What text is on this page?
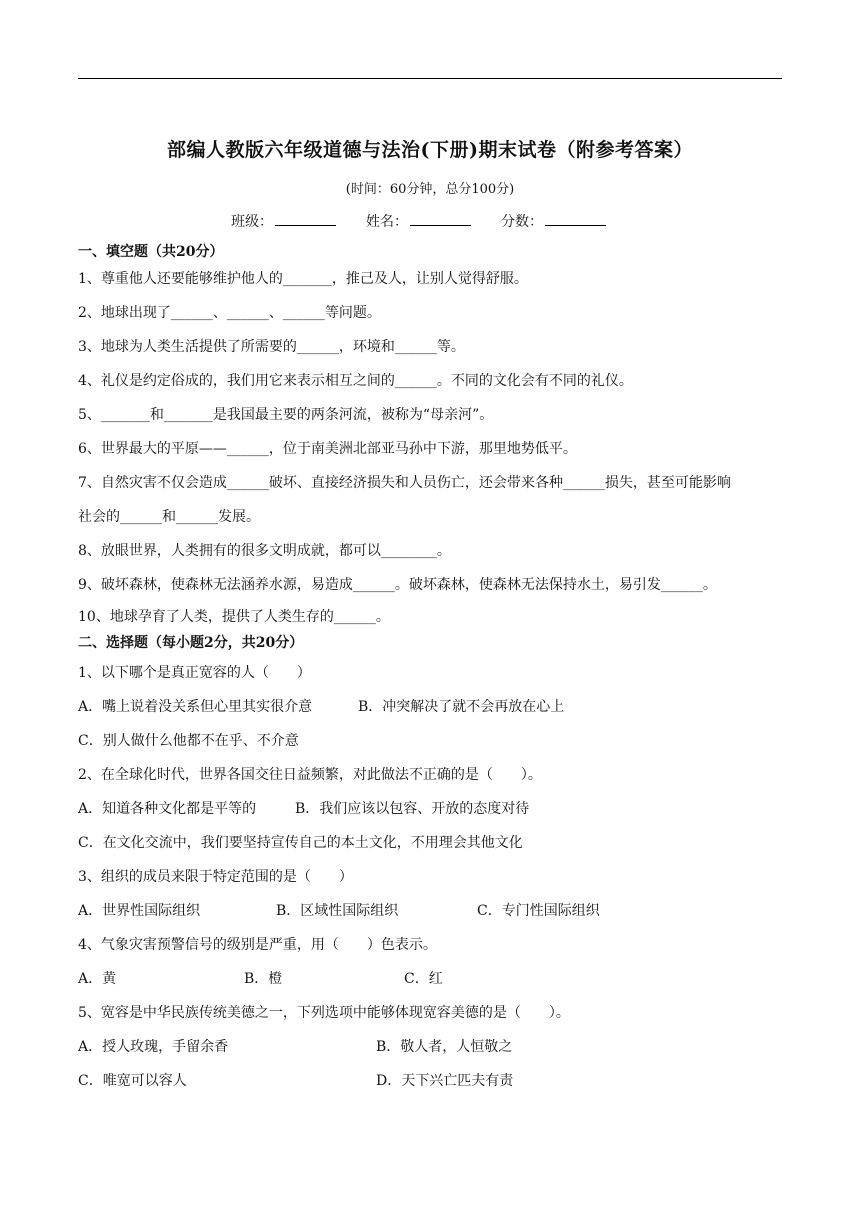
部编人教版六年级道德与法治(下册)期末试卷（附参考答案）
(时间：60分钟，总分100分)
班级：	姓名：	分数：
一、填空题（共20分）
1、尊重他人还要能够维护他人的_______，推己及人，让别人觉得舒服。
2、地球出现了______、______、______等问题。
3、地球为人类生活提供了所需要的______，环境和______等。
4、礼仪是约定俗成的，我们用它来表示相互之间的______。不同的文化会有不同的礼仪。
5、_______和_______是我国最主要的两条河流，被称为“母亲河”。
6、世界最大的平原——______，位于南美洲北部亚马孙中下游，那里地势低平。
7、自然灾害不仅会造成______破坏、直接经济损失和人员伤亡，还会带来各种______损失，甚至可能影响
社会的______和______发展。
8、放眼世界，人类拥有的很多文明成就，都可以________。
9、破坏森林，使森林无法涵养水源，易造成______。破坏森林，使森林无法保持水土，易引发______。
10、地球孕育了人类，提供了人类生存的______。
二、选择题（每小题2分，共20分）
1、以下哪个是真正宽容的人（　　）
A．嘴上说着没关系但心里其实很介意	B．冲突解决了就不会再放在心上
C．别人做什么他都不在乎、不介意
2、在全球化时代，世界各国交往日益频繁，对此做法不正确的是（　　）。
A．知道各种文化都是平等的	B．我们应该以包容、开放的态度对待
C．在文化交流中，我们要坚持宣传自己的本土文化，不用理会其他文化
3、组织的成员来限于特定范围的是（　　）
A．世界性国际组织	B．区域性国际组织	C．专门性国际组织
4、气象灾害预警信号的级别是严重，用（　　）色表示。
A．黄	B．橙	C．红
5、宽容是中华民族传统美德之一，下列选项中能够体现宽容美德的是（　　）。
A．授人玫瑰，手留余香	B．敬人者，人恒敬之
C．唯宽可以容人	D．天下兴亡匹夫有责
